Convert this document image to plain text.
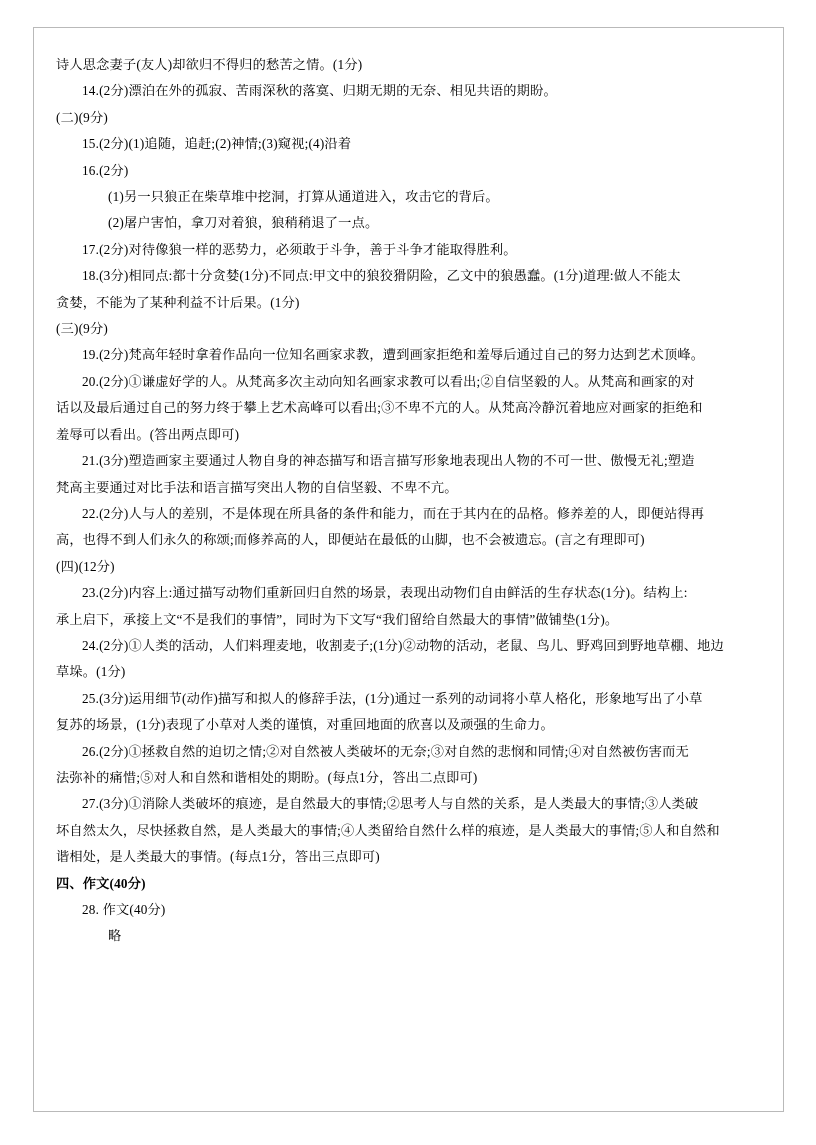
诗人思念妻子(友人)却欲归不得归的愁苦之情。(1分)

14.(2分)漂泊在外的孤寂、苦雨深秋的落寞、归期无期的无奈、相见共语的期盼。

(二)(9分)

15.(2分)(1)追随，追赶;(2)神情;(3)窥视;(4)沿着

16.(2分)

(1)另一只狼正在柴草堆中挖洞，打算从通道进入，攻击它的背后。

(2)屠户害怕，拿刀对着狼，狼稍稍退了一点。

17.(2分)对待像狼一样的恶势力，必须敢于斗争，善于斗争才能取得胜利。

18.(3分)相同点:都十分贪婪(1分)不同点:甲文中的狼狡猾阴险，乙文中的狼愚蠢。(1分)道理:做人不能太

贪婪，不能为了某种利益不计后果。(1分)

(三)(9分)

19.(2分)梵高年轻时拿着作品向一位知名画家求教，遭到画家拒绝和羞辱后通过自己的努力达到艺术顶峰。

20.(2分)①谦虚好学的人。从梵高多次主动向知名画家求教可以看出;②自信坚毅的人。从梵高和画家的对

话以及最后通过自己的努力终于攀上艺术高峰可以看出;③不卑不亢的人。从梵高冷静沉着地应对画家的拒绝和

羞辱可以看出。(答出两点即可)

21.(3分)塑造画家主要通过人物自身的神态描写和语言描写形象地表现出人物的不可一世、傲慢无礼;塑造

梵高主要通过对比手法和语言描写突出人物的自信坚毅、不卑不亢。

22.(2分)人与人的差别，不是体现在所具备的条件和能力，而在于其内在的品格。修养差的人，即便站得再

高，也得不到人们永久的称颂;而修养高的人，即便站在最低的山脚，也不会被遗忘。(言之有理即可)

(四)(12分)

23.(2分)内容上:通过描写动物们重新回归自然的场景，表现出动物们自由鲜活的生存状态(1分)。结构上:

承上启下，承接上文“不是我们的事情”，同时为下文写“我们留给自然最大的事情”做铺垫(1分)。

24.(2分)①人类的活动，人们料理麦地，收割麦子;(1分)②动物的活动，老鼠、鸟儿、野鸡回到野地草棚、地边

草垛。(1分)

25.(3分)运用细节(动作)描写和拟人的修辞手法，(1分)通过一系列的动词将小草人格化，形象地写出了小草

复苏的场景，(1分)表现了小草对人类的谨慎，对重回地面的欣喜以及顽强的生命力。

26.(2分)①拯救自然的迫切之情;②对自然被人类破坏的无奈;③对自然的悲悯和同情;④对自然被伤害而无

法弥补的痛惜;⑤对人和自然和谐相处的期盼。(每点1分，答出二点即可)

27.(3分)①消除人类破坏的痕迹，是自然最大的事情;②思考人与自然的关系，是人类最大的事情;③人类破

坏自然太久，尽快拯救自然，是人类最大的事情;④人类留给自然什么样的痕迹，是人类最大的事情;⑤人和自然和

谐相处，是人类最大的事情。(每点1分，答出三点即可)

四、作文(40分)

28. 作文(40分)

略
